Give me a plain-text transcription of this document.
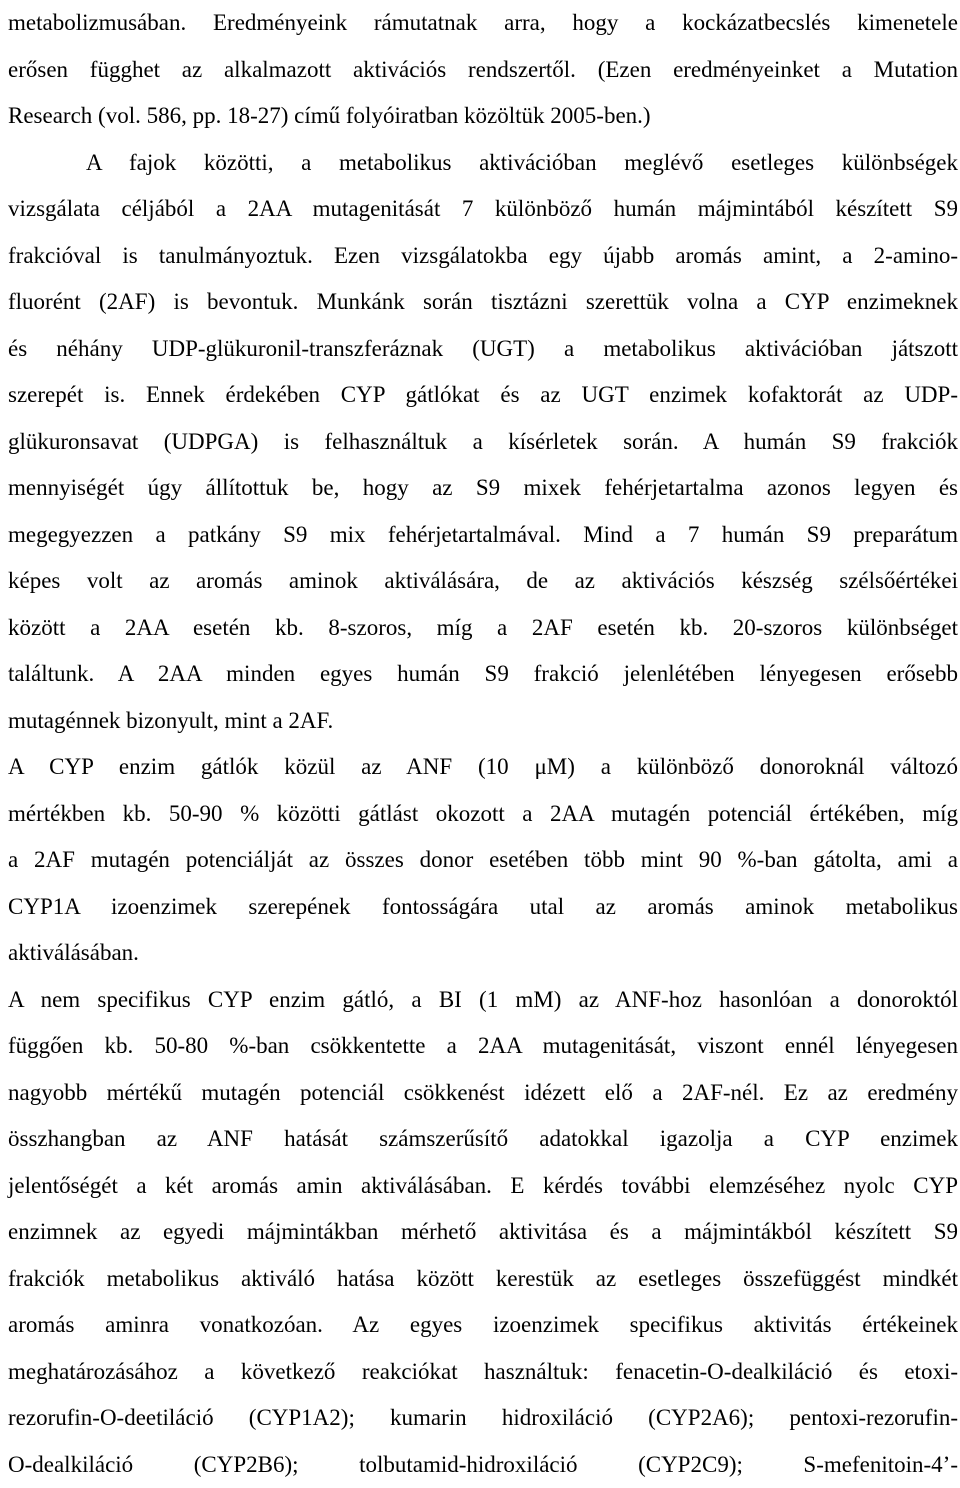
metabolizmusában. Eredményeink rámutatnak arra, hogy a kockázatbecslés kimenetele
erősen függhet az alkalmazott aktivációs rendszertől. (Ezen eredményeinket a Mutation
Research (vol. 586, pp. 18-27) című folyóiratban közöltük 2005-ben.)
A fajok közötti, a metabolikus aktivációban meglévő esetleges különbségek
vizsgálata céljából a 2AA mutagenitását 7 különböző humán májmintából készített S9
frakcióval is tanulmányoztuk. Ezen vizsgálatokba egy újabb aromás amint, a 2-amino-
fluorént (2AF) is bevontuk. Munkánk során tisztázni szerettük volna a CYP enzimeknek
és néhány UDP-glükuronil-transzferáznak (UGT) a metabolikus aktivációban játszott
szerepét is. Ennek érdekében CYP gátlókat és az UGT enzimek kofaktorát az UDP-
glükuronsavat (UDPGA) is felhasználtuk a kísérletek során. A humán S9 frakciók
mennyiségét úgy állítottuk be, hogy az S9 mixek fehérjetartalma azonos legyen és
megegyezzen a patkány S9 mix fehérjetartalmával. Mind a 7 humán S9 preparátum
képes volt az aromás aminok aktiválására, de az aktivációs készség szélsőértékei
között a 2AA esetén kb. 8-szoros, míg a 2AF esetén kb. 20-szoros különbséget
találtunk. A 2AA minden egyes humán S9 frakció jelenlétében lényegesen erősebb
mutagénnek bizonyult, mint a 2AF.
A CYP enzim gátlók közül az ANF (10 μM) a különböző donoroknál változó
mértékben kb. 50-90 % közötti gátlást okozott a 2AA mutagén potenciál értékében, míg
a 2AF mutagén potenciálját az összes donor esetében több mint 90 %-ban gátolta, ami a
CYP1A izoenzimek szerepének fontosságára utal az aromás aminok metabolikus
aktiválásában.
A nem specifikus CYP enzim gátló, a BI (1 mM) az ANF-hoz hasonlóan a donoroktól
függően kb. 50-80 %-ban csökkentette a 2AA mutagenitását, viszont ennél lényegesen
nagyobb mértékű mutagén potenciál csökkenést idézett elő a 2AF-nél. Ez az eredmény
összhangban az ANF hatását számszerűsítő adatokkal igazolja a CYP enzimek
jelentőségét a két aromás amin aktiválásában. E kérdés további elemzéséhez nyolc CYP
enzimnek az egyedi májmintákban mérhető aktivitása és a májmintákból készített S9
frakciók metabolikus aktiváló hatása között kerestük az esetleges összefüggést mindkét
aromás aminra vonatkozóan. Az egyes izoenzimek specifikus aktivitás értékeinek
meghatározásához a következő reakciókat használtuk: fenacetin-O-dealkiláció és etoxi-
rezorufin-O-deetiláció (CYP1A2); kumarin hidroxiláció (CYP2A6); pentoxi-rezorufin-
O-dealkiláció (CYP2B6); tolbutamid-hidroxiláció (CYP2C9); S-mefenitoin-4’-
